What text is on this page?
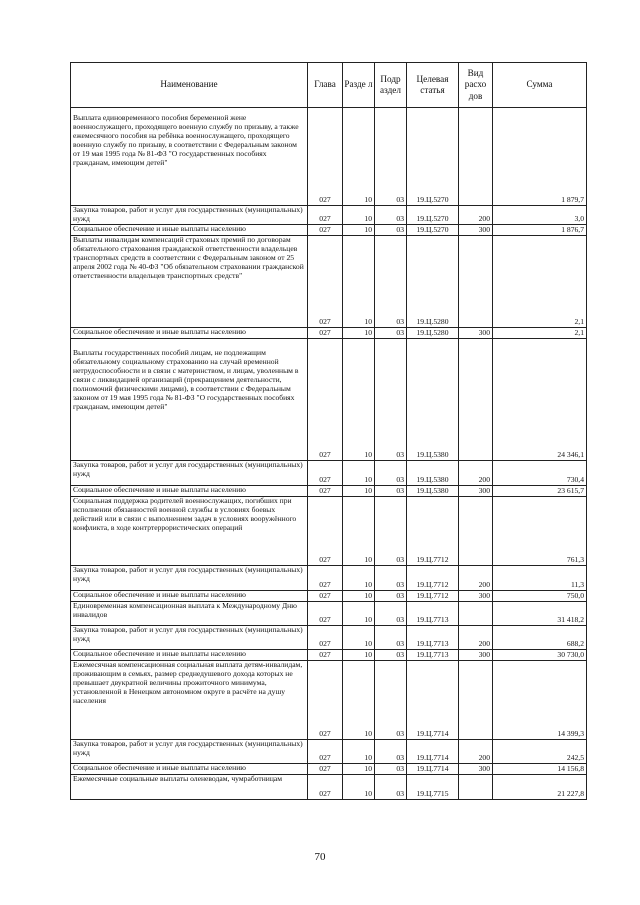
Наименование	Глава	Разде л	Подр аздел	Целевая статья	Вид расхо дов	Сумма
Выплата единовременного пособия беременной жене военнослужащего, проходящего военную службу по призыву, а также ежемесячного пособия на ребёнка военнослужащего, проходящего военную службу по призыву, в соответствии с Федеральным законом от 19 мая 1995 года № 81-ФЗ "О государственных пособиях гражданам, имеющим детей"	027	10	03	19.Ц.5270		1 879,7
Закупка товаров, работ и услуг для государственных (муниципальных) нужд	027	10	03	19.Ц.5270	200	3,0
Социальное обеспечение и иные выплаты населению	027	10	03	19.Ц.5270	300	1 876,7
Выплаты инвалидам компенсаций страховых премий по договорам обязательного страхования гражданской ответственности владельцев транспортных средств в соответствии с Федеральным законом от 25 апреля 2002 года № 40-ФЗ "Об обязательном страховании гражданской ответственности владельцев транспортных средств"	027	10	03	19.Ц.5280		2,1
Социальное обеспечение и иные выплаты населению	027	10	03	19.Ц.5280	300	2,1
Выплаты государственных пособий лицам, не подлежащим обязательному социальному страхованию на случай временной нетрудоспособности и в связи с материнством, и лицам, уволенным в связи с ликвидацией организаций (прекращением деятельности, полномочий физическими лицами), в соответствии с Федеральным законом от 19 мая 1995 года № 81-ФЗ "О государственных пособиях гражданам, имеющим детей"	027	10	03	19.Ц.5380		24 346,1
Закупка товаров, работ и услуг для государственных (муниципальных) нужд	027	10	03	19.Ц.5380	200	730,4
Социальное обеспечение и иные выплаты населению	027	10	03	19.Ц.5380	300	23 615,7
Социальная поддержка родителей военнослужащих, погибших при исполнении обязанностей военной службы в условиях боевых действий или в связи с выполнением задач в условиях вооружённого конфликта, в ходе контртеррористических операций	027	10	03	19.Ц.7712		761,3
Закупка товаров, работ и услуг для государственных (муниципальных) нужд	027	10	03	19.Ц.7712	200	11,3
Социальное обеспечение и иные выплаты населению	027	10	03	19.Ц.7712	300	750,0
Единовременная компенсационная выплата к Международному Дню инвалидов	027	10	03	19.Ц.7713		31 418,2
Закупка товаров, работ и услуг для государственных (муниципальных) нужд	027	10	03	19.Ц.7713	200	688,2
Социальное обеспечение и иные выплаты населению	027	10	03	19.Ц.7713	300	30 730,0
Ежемесячная компенсационная социальная выплата детям-инвалидам, проживающим в семьях, размер среднедушевого дохода которых не превышает двукратной величины прожиточного минимума, установленной в Ненецком автономном округе в расчёте на душу населения	027	10	03	19.Ц.7714		14 399,3
Закупка товаров, работ и услуг для государственных (муниципальных) нужд	027	10	03	19.Ц.7714	200	242,5
Социальное обеспечение и иные выплаты населению	027	10	03	19.Ц.7714	300	14 156,8
Ежемесячные социальные выплаты оленеводам, чумработницам	027	10	03	19.Ц.7715		21 227,8
70
